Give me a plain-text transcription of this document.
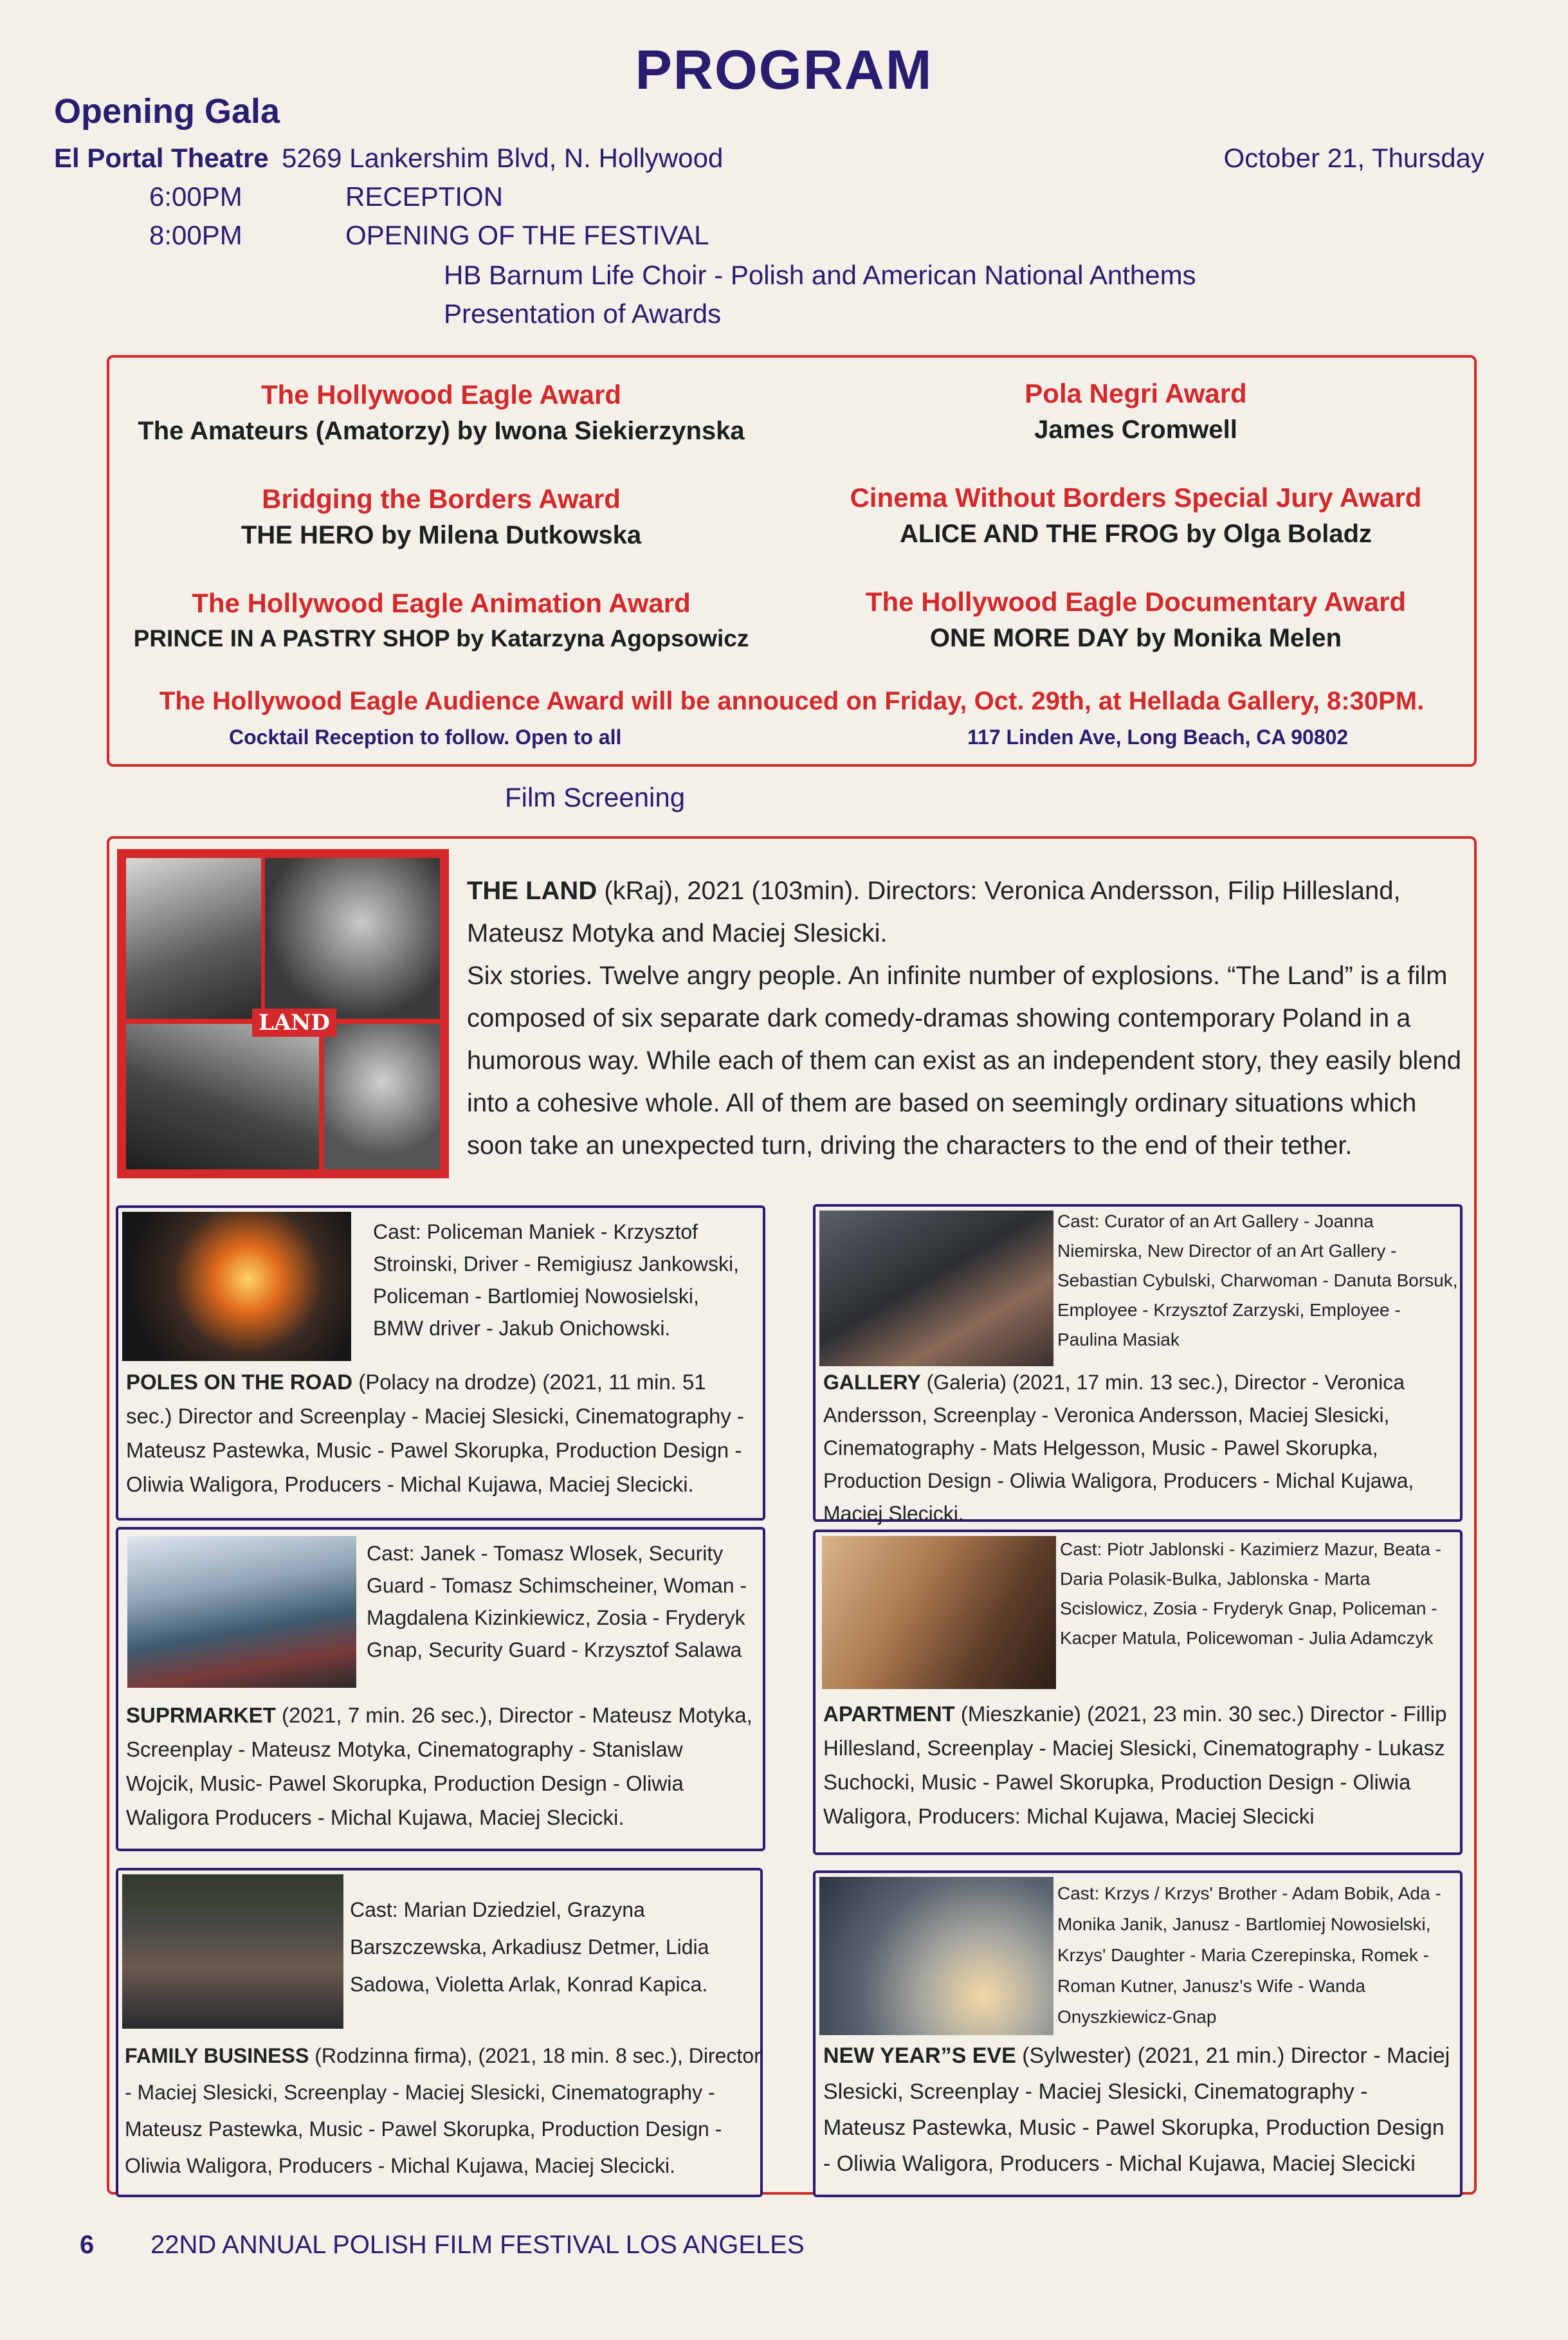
PROGRAM
Opening Gala
El Portal Theatre 5269 Lankershim Blvd, N. Hollywood	October 21, Thursday
6:00PM	RECEPTION
8:00PM	OPENING OF THE FESTIVAL
HB Barnum Life Choir - Polish and American National Anthems
Presentation of Awards
The Hollywood Eagle Award
The Amateurs (Amatorzy) by Iwona Siekierzynska
Pola Negri Award
James Cromwell
Bridging the Borders Award
THE HERO by Milena Dutkowska
Cinema Without Borders Special Jury Award
ALICE AND THE FROG by Olga Boladz
The Hollywood Eagle Animation Award
PRINCE IN A PASTRY SHOP by Katarzyna Agopsowicz
The Hollywood Eagle Documentary Award
ONE MORE DAY by Monika Melen
The Hollywood Eagle Audience Award will be annouced on Friday, Oct. 29th, at Hellada Gallery, 8:30PM.
Cocktail Reception to follow. Open to all	117 Linden Ave, Long Beach, CA 90802
Film Screening
LAND
THE LAND (kRaj), 2021 (103min). Directors: Veronica Andersson, Filip Hillesland, Mateusz Motyka and Maciej Slesicki.
Six stories. Twelve angry people. An infinite number of explosions. “The Land” is a film composed of six separate dark comedy-dramas showing contemporary Poland in a humorous way. While each of them can exist as an independent story, they easily blend into a cohesive whole. All of them are based on seemingly ordinary situations which soon take an unexpected turn, driving the characters to the end of their tether.
Cast: Policeman Maniek - Krzysztof Stroinski, Driver - Remigiusz Jankowski, Policeman - Bartlomiej Nowosielski, BMW driver - Jakub Onichowski.
POLES ON THE ROAD (Polacy na drodze) (2021, 11 min. 51 sec.) Director and Screenplay - Maciej Slesicki, Cinematography - Mateusz Pastewka, Music - Pawel Skorupka, Production Design - Oliwia Waligora, Producers - Michal Kujawa, Maciej Slecicki.
Cast: Curator of an Art Gallery - Joanna Niemirska, New Director of an Art Gallery - Sebastian Cybulski, Charwoman - Danuta Borsuk, Employee - Krzysztof Zarzyski, Employee - Paulina Masiak
GALLERY (Galeria) (2021, 17 min. 13 sec.), Director - Veronica Andersson, Screenplay - Veronica Andersson, Maciej Slesicki, Cinematography - Mats Helgesson, Music - Pawel Skorupka, Production Design - Oliwia Waligora, Producers - Michal Kujawa, Maciej Slecicki.
Cast: Janek - Tomasz Wlosek, Security Guard - Tomasz Schimscheiner, Woman - Magdalena Kizinkiewicz, Zosia - Fryderyk Gnap, Security Guard - Krzysztof Salawa
SUPRMARKET (2021, 7 min. 26 sec.), Director - Mateusz Motyka, Screenplay - Mateusz Motyka, Cinematography - Stanislaw Wojcik, Music- Pawel Skorupka, Production Design - Oliwia Waligora Producers - Michal Kujawa, Maciej Slecicki.
Cast: Piotr Jablonski - Kazimierz Mazur, Beata - Daria Polasik-Bulka, Jablonska - Marta Scislowicz, Zosia - Fryderyk Gnap, Policeman - Kacper Matula, Policewoman - Julia Adamczyk
APARTMENT (Mieszkanie) (2021, 23 min. 30 sec.) Director - Fillip Hillesland, Screenplay - Maciej Slesicki, Cinematography - Lukasz Suchocki, Music - Pawel Skorupka, Production Design - Oliwia Waligora, Producers: Michal Kujawa, Maciej Slecicki
Cast: Marian Dziedziel, Grazyna Barszczewska, Arkadiusz Detmer, Lidia Sadowa, Violetta Arlak, Konrad Kapica.
FAMILY BUSINESS (Rodzinna firma), (2021, 18 min. 8 sec.), Director - Maciej Slesicki, Screenplay - Maciej Slesicki, Cinematography - Mateusz Pastewka, Music - Pawel Skorupka, Production Design - Oliwia Waligora, Producers - Michal Kujawa, Maciej Slecicki.
Cast: Krzys / Krzys' Brother - Adam Bobik, Ada - Monika Janik, Janusz - Bartlomiej Nowosielski, Krzys' Daughter - Maria Czerepinska, Romek - Roman Kutner, Janusz's Wife - Wanda Onyszkiewicz-Gnap
NEW YEAR”S EVE (Sylwester) (2021, 21 min.) Director - Maciej Slesicki, Screenplay - Maciej Slesicki, Cinematography - Mateusz Pastewka, Music - Pawel Skorupka, Production Design - Oliwia Waligora, Producers - Michal Kujawa, Maciej Slecicki
6 22ND ANNUAL POLISH FILM FESTIVAL LOS ANGELES
